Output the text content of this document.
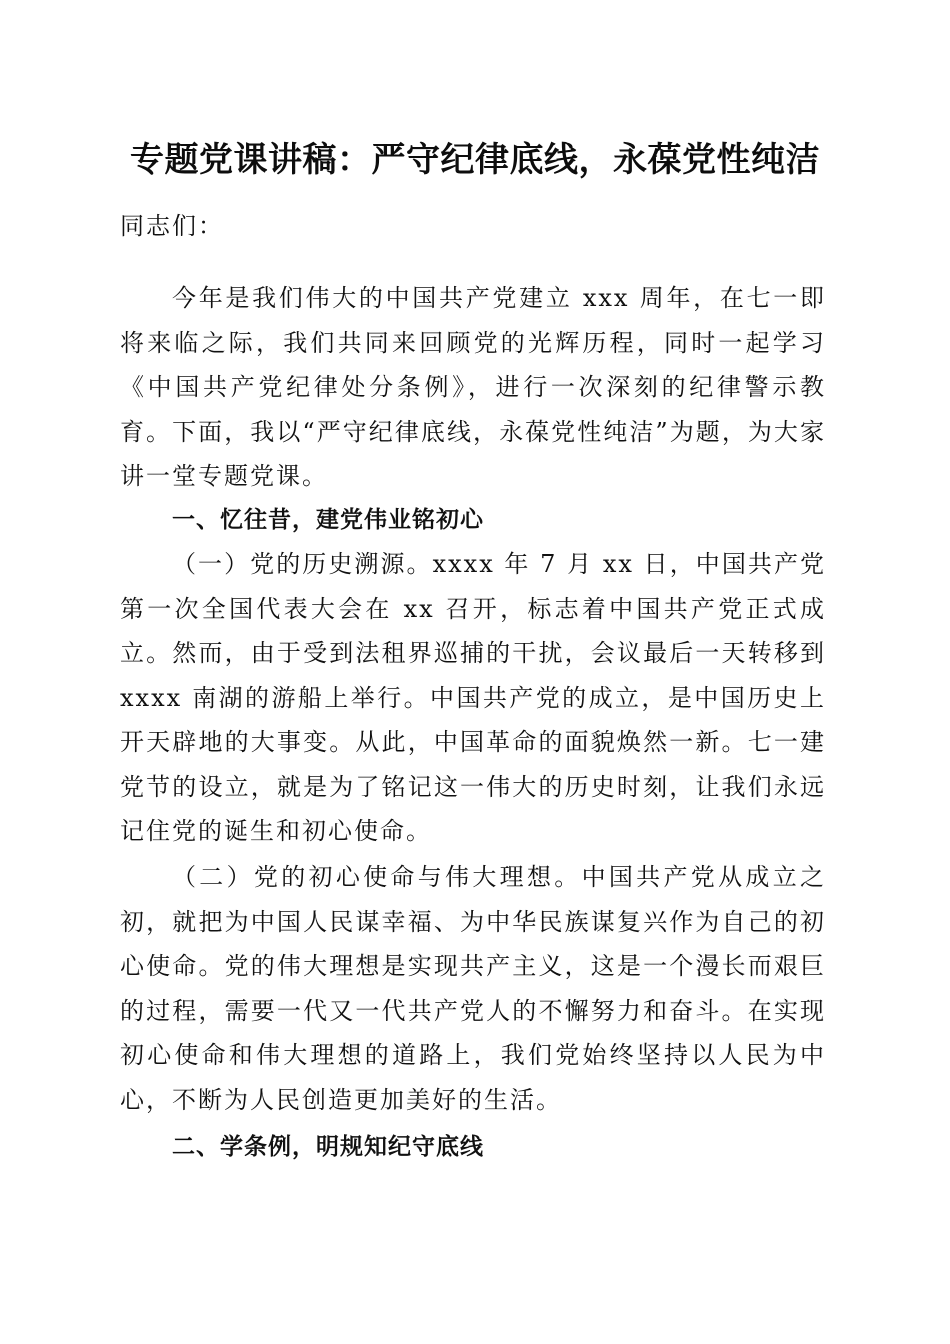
专题党课讲稿：严守纪律底线，永葆党性纯洁

同志们：

今年是我们伟大的中国共产党建立 xxx 周年，在七一即将来临之际，我们共同来回顾党的光辉历程，同时一起学习《中国共产党纪律处分条例》，进行一次深刻的纪律警示教育。下面，我以“严守纪律底线，永葆党性纯洁”为题，为大家讲一堂专题党课。

一、忆往昔，建党伟业铭初心

（一）党的历史溯源。xxxx 年 7 月 xx 日，中国共产党第一次全国代表大会在 xx 召开，标志着中国共产党正式成立。然而，由于受到法租界巡捕的干扰，会议最后一天转移到 xxxx 南湖的游船上举行。中国共产党的成立，是中国历史上开天辟地的大事变。从此，中国革命的面貌焕然一新。七一建党节的设立，就是为了铭记这一伟大的历史时刻，让我们永远记住党的诞生和初心使命。

（二）党的初心使命与伟大理想。中国共产党从成立之初，就把为中国人民谋幸福、为中华民族谋复兴作为自己的初心使命。党的伟大理想是实现共产主义，这是一个漫长而艰巨的过程，需要一代又一代共产党人的不懈努力和奋斗。在实现初心使命和伟大理想的道路上，我们党始终坚持以人民为中心，不断为人民创造更加美好的生活。

二、学条例，明规知纪守底线
